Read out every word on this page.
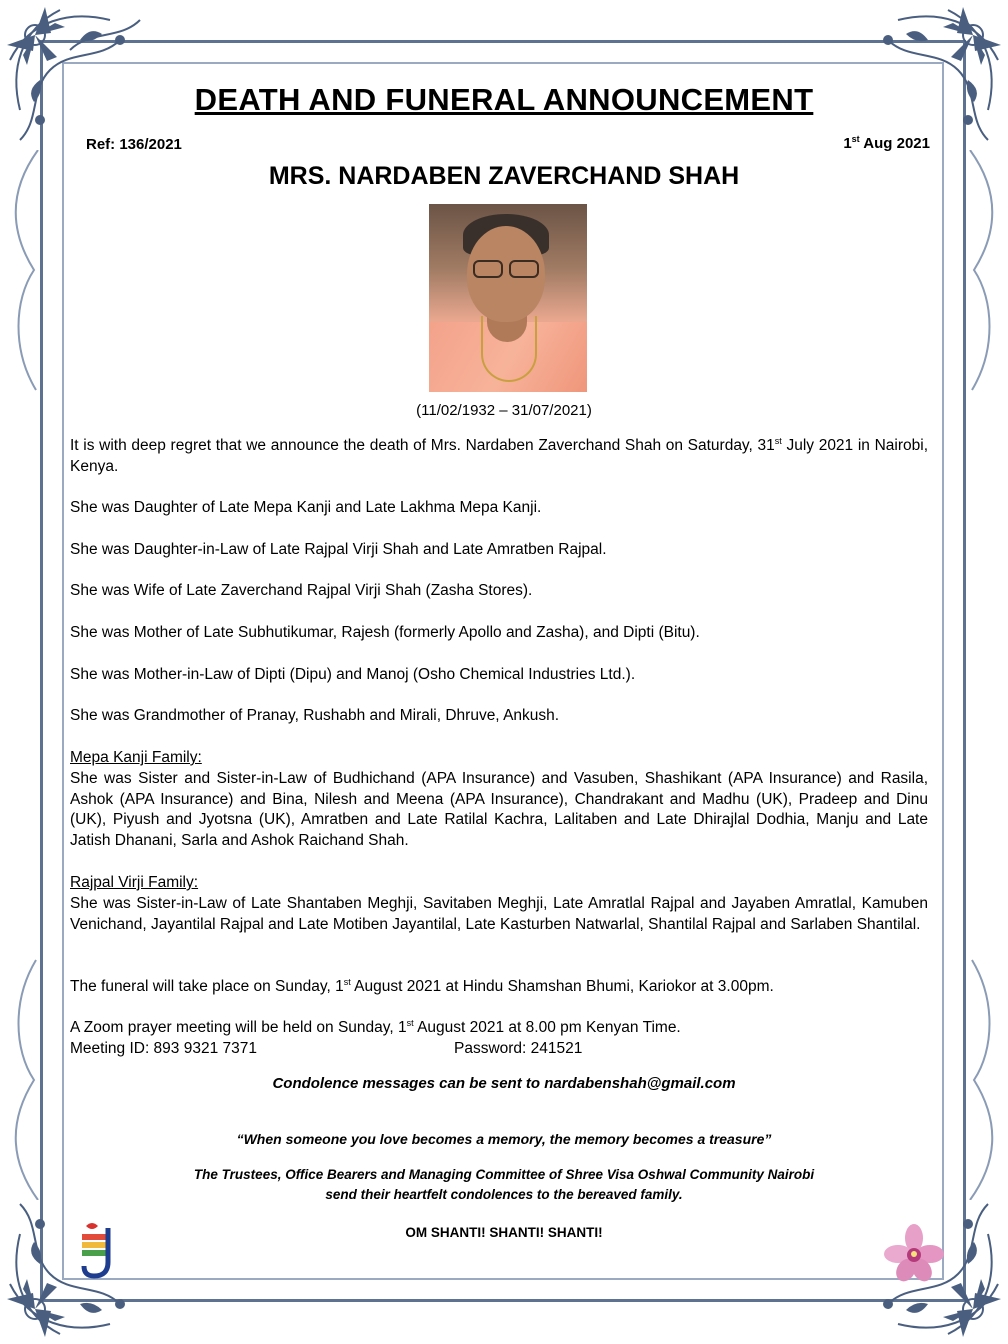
DEATH AND FUNERAL ANNOUNCEMENT
Ref: 136/2021	1st Aug 2021
MRS. NARDABEN ZAVERCHAND SHAH
(11/02/1932 – 31/07/2021)
It is with deep regret that we announce the death of Mrs. Nardaben Zaverchand Shah on Saturday, 31st July 2021 in Nairobi, Kenya.
She was Daughter of Late Mepa Kanji and Late Lakhma Mepa Kanji.
She was Daughter-in-Law of Late Rajpal Virji Shah and Late Amratben Rajpal.
She was Wife of Late Zaverchand Rajpal Virji Shah (Zasha Stores).
She was Mother of Late Subhutikumar, Rajesh (formerly Apollo and Zasha), and Dipti (Bitu).
She was Mother-in-Law of Dipti (Dipu) and Manoj (Osho Chemical Industries Ltd.).
She was Grandmother of Pranay, Rushabh and Mirali, Dhruve, Ankush.
Mepa Kanji Family:
She was Sister and Sister-in-Law of Budhichand (APA Insurance) and Vasuben, Shashikant (APA Insurance) and Rasila, Ashok (APA Insurance) and Bina, Nilesh and Meena (APA Insurance), Chandrakant and Madhu (UK), Pradeep and Dinu (UK), Piyush and Jyotsna (UK), Amratben and Late Ratilal Kachra, Lalitaben and Late Dhirajlal Dodhia, Manju and Late Jatish Dhanani, Sarla and Ashok Raichand Shah.
Rajpal Virji Family:
She was Sister-in-Law of Late Shantaben Meghji, Savitaben Meghji, Late Amratlal Rajpal and Jayaben Amratlal, Kamuben Venichand, Jayantilal Rajpal and Late Motiben Jayantilal, Late Kasturben Natwarlal, Shantilal Rajpal and Sarlaben Shantilal.
The funeral will take place on Sunday, 1st August 2021 at Hindu Shamshan Bhumi, Kariokor at 3.00pm.
A Zoom prayer meeting will be held on Sunday, 1st August 2021 at 8.00 pm Kenyan Time.
Meeting ID: 893 9321 7371	Password: 241521
Condolence messages can be sent to nardabenshah@gmail.com
“When someone you love becomes a memory, the memory becomes a treasure”
The Trustees, Office Bearers and Managing Committee of Shree Visa Oshwal Community Nairobi
send their heartfelt condolences to the bereaved family.
OM SHANTI! SHANTI! SHANTI!
